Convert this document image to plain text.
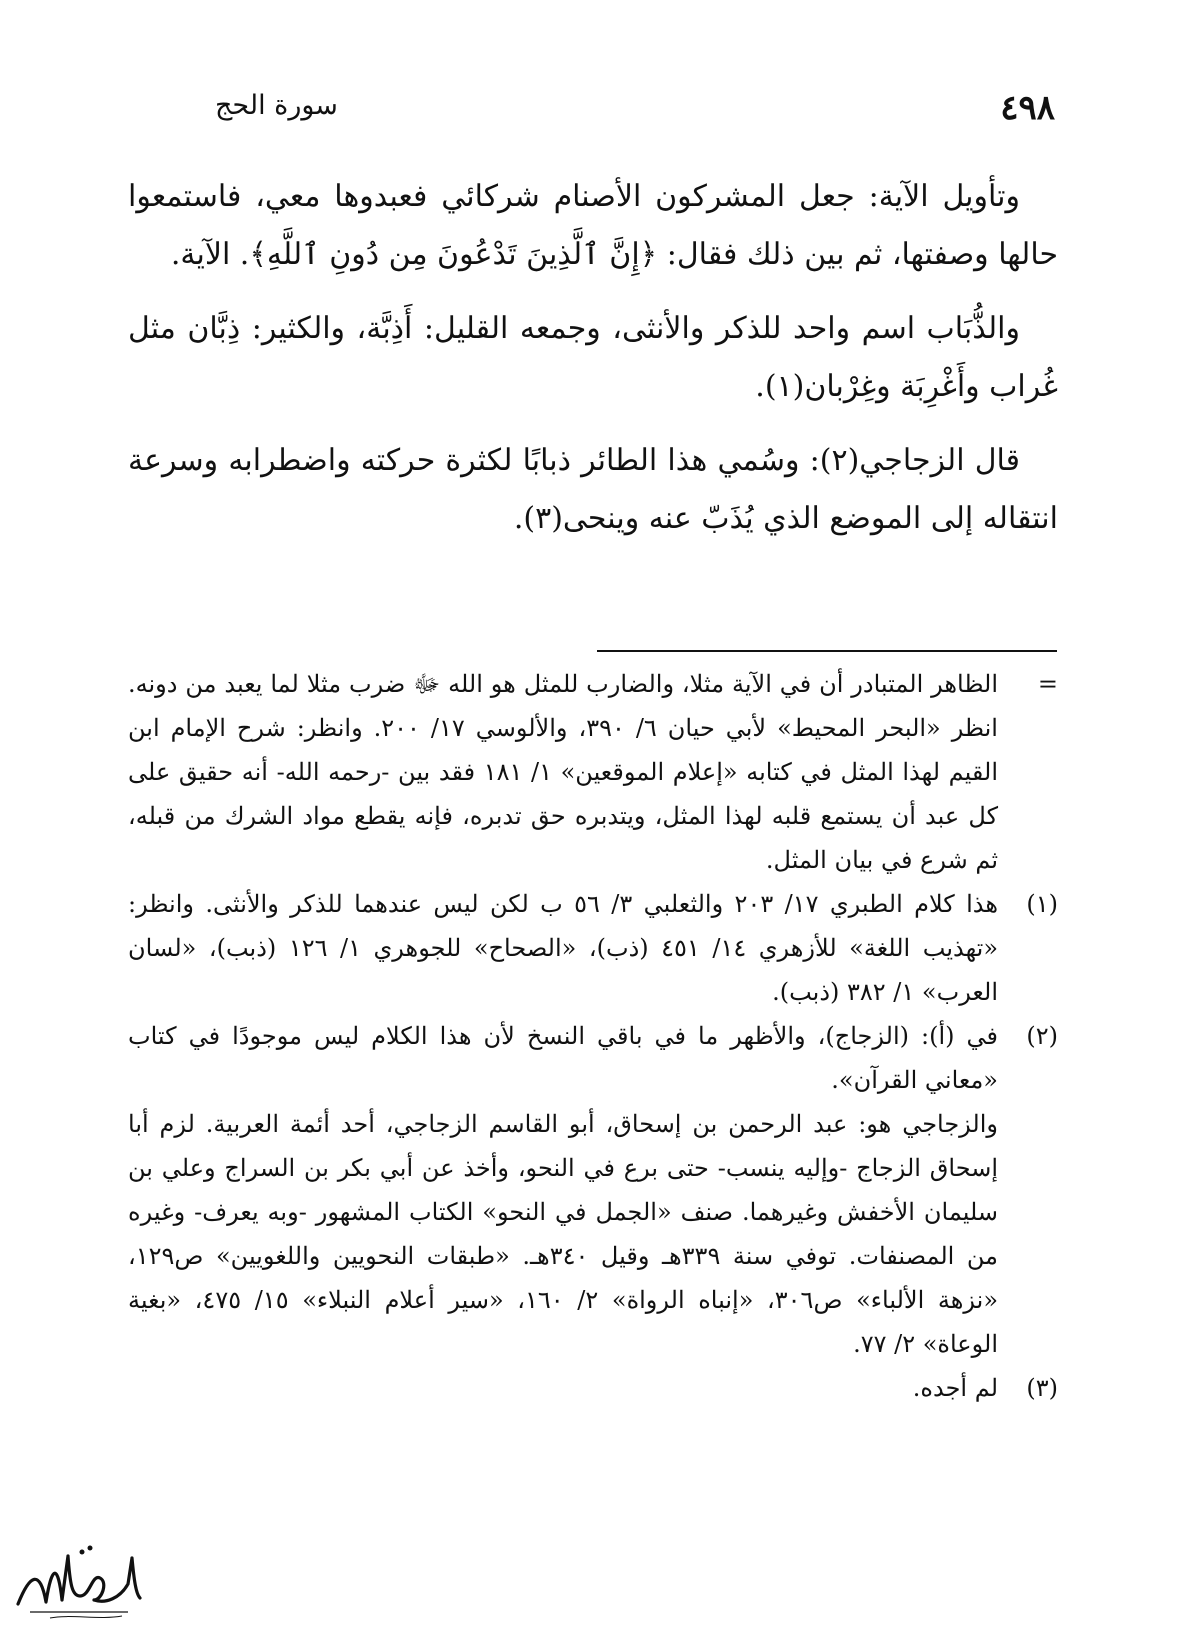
٤٩٨
سورة الحج

وتأويل الآية: جعل المشركون الأصنام شركائي فعبدوها معي، فاستمعوا حالها وصفتها، ثم بين ذلك فقال: ﴿إِنَّ ٱلَّذِينَ تَدْعُونَ مِن دُونِ ٱللَّهِ﴾. الآية.

والذُّبَاب اسم واحد للذكر والأنثى، وجمعه القليل: أَذِبَّة، والكثير: ذِبَّان مثل غُراب وأَغْرِبَة وغِرْبان(١).

قال الزجاجي(٢): وسُمي هذا الطائر ذبابًا لكثرة حركته واضطرابه وسرعة انتقاله إلى الموضع الذي يُذَبّ عنه وينحى(٣).

=

الظاهر المتبادر أن في الآية مثلا، والضارب للمثل هو الله ﷻ ضرب مثلا لما يعبد من دونه. انظر «البحر المحيط» لأبي حيان ٦/ ٣٩٠، والألوسي ١٧/ ٢٠٠. وانظر: شرح الإمام ابن القيم لهذا المثل في كتابه «إعلام الموقعين» ١/ ١٨١ فقد بين -رحمه الله- أنه حقيق على كل عبد أن يستمع قلبه لهذا المثل، ويتدبره حق تدبره، فإنه يقطع مواد الشرك من قبله، ثم شرع في بيان المثل.

(١)

هذا كلام الطبري ١٧/ ٢٠٣ والثعلبي ٣/ ٥٦ ب لكن ليس عندهما للذكر والأنثى. وانظر: «تهذيب اللغة» للأزهري ١٤/ ٤٥١ (ذب)، «الصحاح» للجوهري ١/ ١٢٦ (ذبب)، «لسان العرب» ١/ ٣٨٢ (ذبب).

(٢)

في (أ): (الزجاج)، والأظهر ما في باقي النسخ لأن هذا الكلام ليس موجودًا في كتاب «معاني القرآن».

والزجاجي هو: عبد الرحمن بن إسحاق، أبو القاسم الزجاجي، أحد أئمة العربية. لزم أبا إسحاق الزجاج -وإليه ينسب- حتى برع في النحو، وأخذ عن أبي بكر بن السراج وعلي بن سليمان الأخفش وغيرهما. صنف «الجمل في النحو» الكتاب المشهور -وبه يعرف- وغيره من المصنفات. توفي سنة ٣٣٩هـ وقيل ٣٤٠هـ. «طبقات النحويين واللغويين» ص١٢٩، «نزهة الألباء» ص٣٠٦، «إنباه الرواة» ٢/ ١٦٠، «سير أعلام النبلاء» ١٥/ ٤٧٥، «بغية الوعاة» ٢/ ٧٧.

(٣)

لم أجده.
